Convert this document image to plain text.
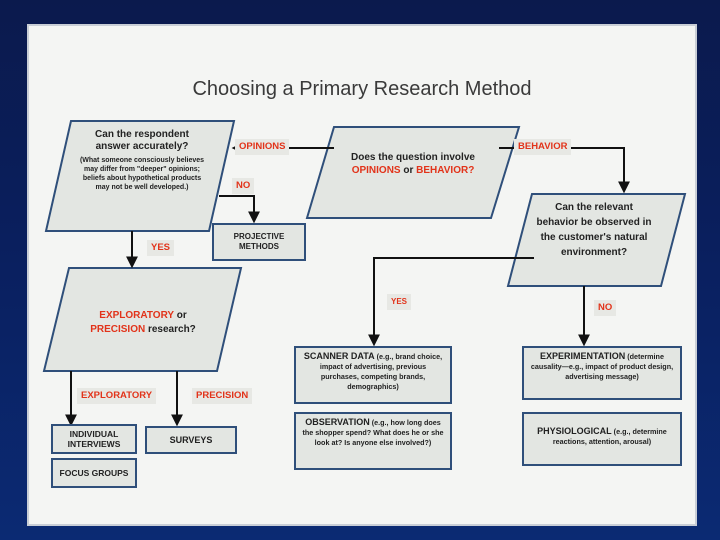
Choosing a Primary Research Method
Can the respondent answer accurately?
(What someone consciously believes may differ from "deeper" opinions; beliefs about hypothetical products may not be well developed.)
Does the question involve OPINIONS or BEHAVIOR?
Can the relevant behavior be observed in the customer's natural environment?
EXPLORATORY or PRECISION research?
OPINIONS	BEHAVIOR
NO
YES
YES
NO
EXPLORATORY	PRECISION
PROJECTIVE METHODS
INDIVIDUAL INTERVIEWS	SURVEYS
FOCUS GROUPS
SCANNER DATA (e.g., brand choice, impact of advertising, previous purchases, competing brands, demographics)
OBSERVATION (e.g., how long does the shopper spend? What does he or she look at? Is anyone else involved?)
EXPERIMENTATION (determine causality—e.g., impact of product design, advertising message)
PHYSIOLOGICAL (e.g., determine reactions, attention, arousal)
